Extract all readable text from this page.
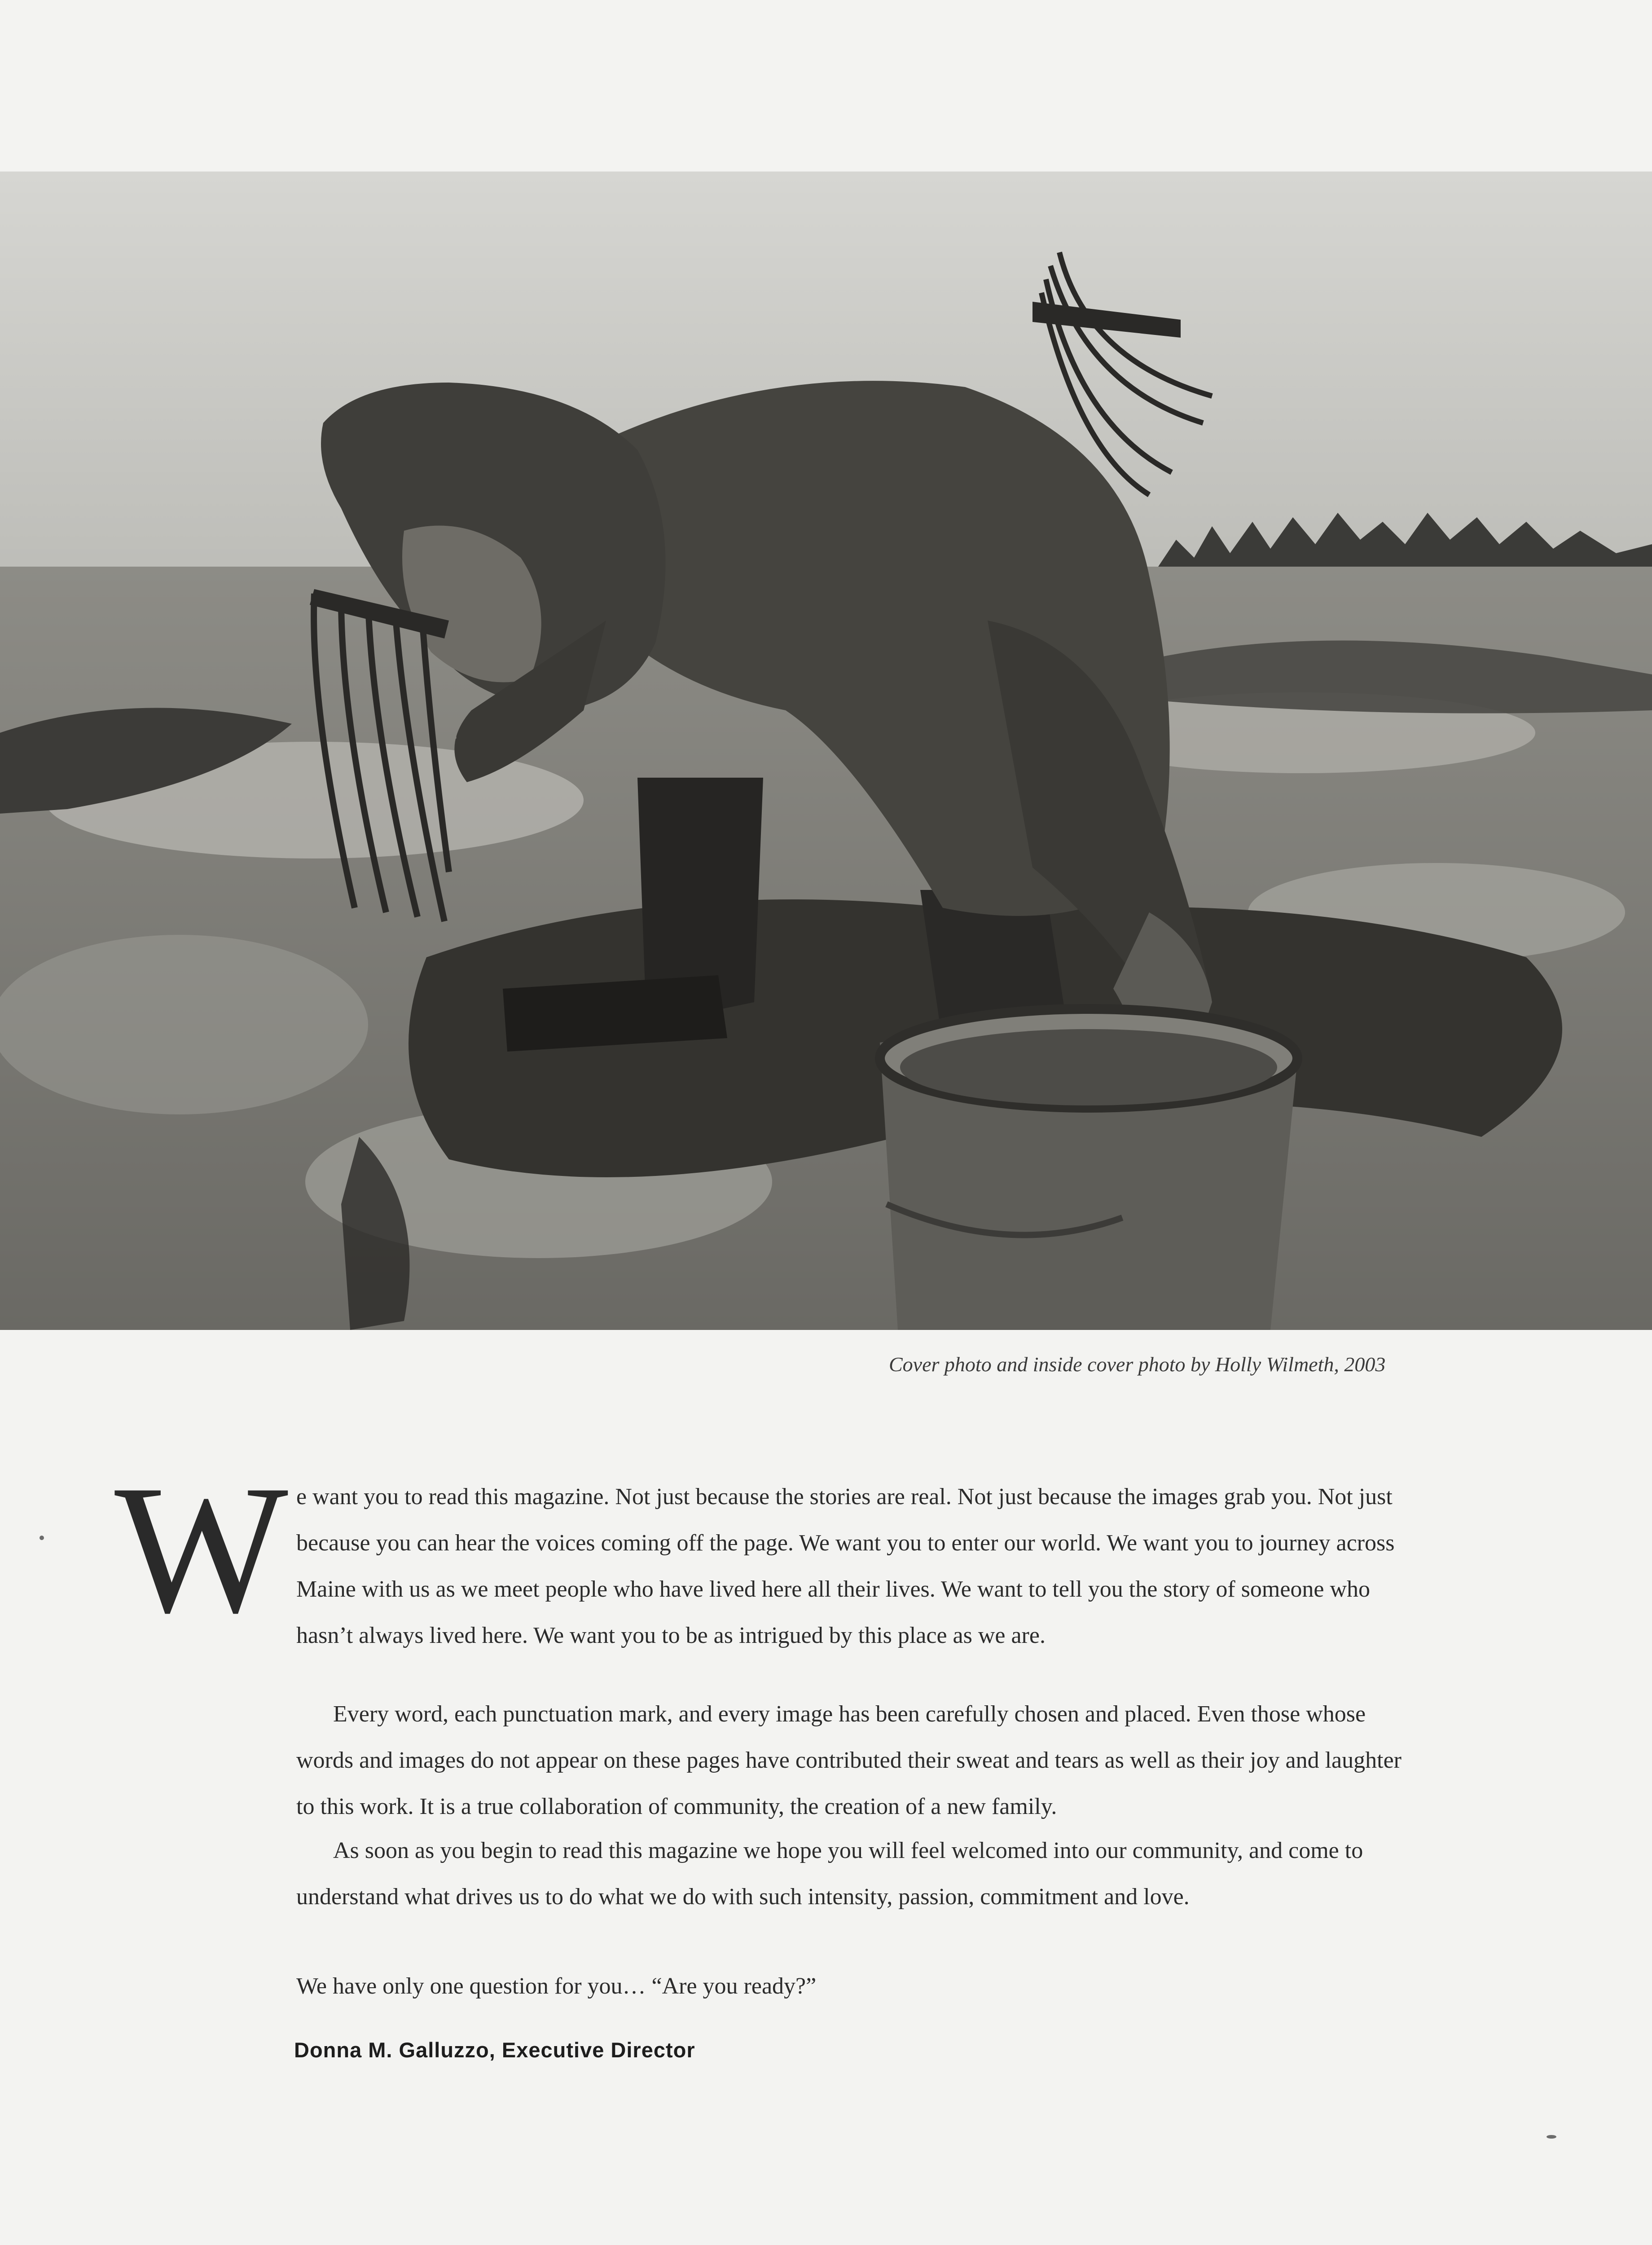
Cover photo and inside cover photo by Holly Wilmeth, 2003
W e want you to read this magazine. Not just because the stories are real. Not just because the images grab you. Not just because you can hear the voices coming off the page. We want you to enter our world. We want you to journey across Maine with us as we meet people who have lived here all their lives. We want to tell you the story of someone who hasn’t always lived here. We want you to be as intrigued by this place as we are.

Every word, each punctuation mark, and every image has been carefully chosen and placed. Even those whose words and images do not appear on these pages have contributed their sweat and tears as well as their joy and laughter to this work. It is a true collaboration of community, the creation of a new family.

As soon as you begin to read this magazine we hope you will feel welcomed into our community, and come to understand what drives us to do what we do with such intensity, passion, commitment and love.

We have only one question for you… “Are you ready?”

Donna M. Galluzzo, Executive Director
